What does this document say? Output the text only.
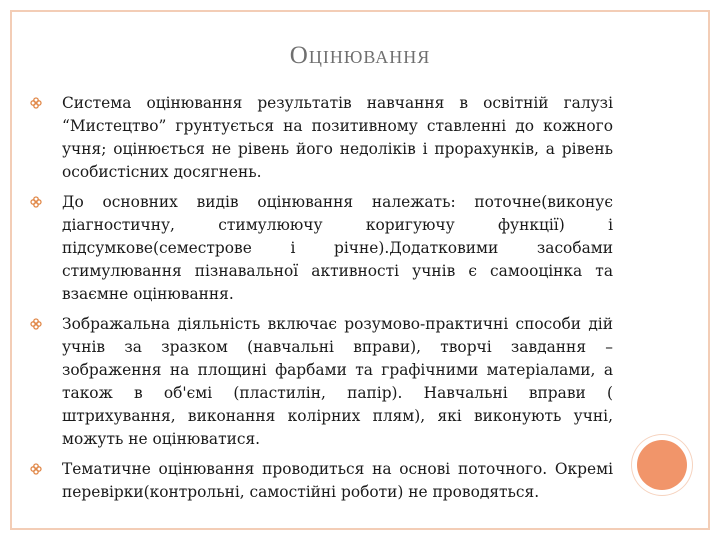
ОЦІНЮВАННЯ
Система оцінювання результатів навчання в освітній галузі “Мистецтво” грунтується на позитивному ставленні до кожного учня; оцінюється не рівень його недоліків і прорахунків, а рівень особистісних досягнень.
До основних видів оцінювання належать: поточне(виконує діагностичну, стимулюючу коригуючу функції) і підсумкове(семестрове і річне).Додатковими засобами стимулювання пізнавальної активності учнів є самооцінка та взаємне оцінювання.
Зображальна діяльність включає розумово-практичні способи дій учнів за зразком (навчальні вправи), творчі завдання – зображення на площині фарбами та графічними матеріалами, а також в об'ємі (пластилін, папір). Навчальні вправи ( штрихування, виконання колірних плям), які виконують учні, можуть не оцінюватися.
Тематичне оцінювання проводиться на основі поточного. Окремі перевірки(контрольні, самостійні роботи) не проводяться.
